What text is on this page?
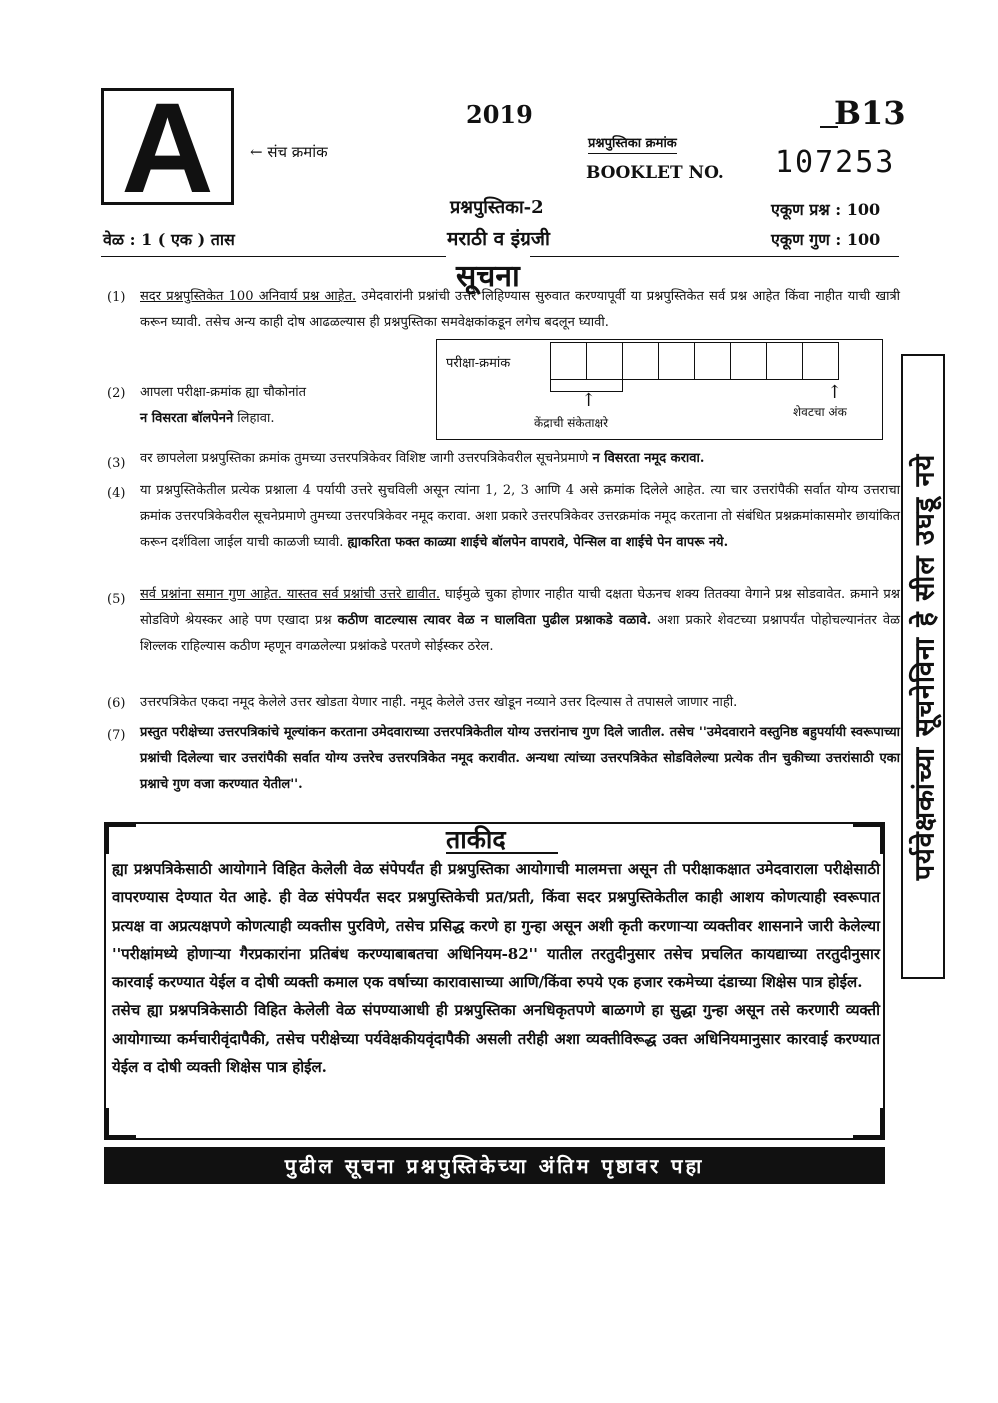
A ← संच क्रमांक
2019
प्रश्नपुस्तिका क्रमांक
BOOKLET NO.
B13
107253
प्रश्नपुस्तिका-2
मराठी व इंग्रजी
एकूण प्रश्न : 100
एकूण गुण : 100
वेळ : 1 ( एक ) तास
सूचना
(1) सदर प्रश्नपुस्तिकेत 100 अनिवार्य प्रश्न आहेत. उमेदवारांनी प्रश्नांची उत्तरे लिहिण्यास सुरुवात करण्यापूर्वी या प्रश्नपुस्तिकेत सर्व प्रश्न आहेत किंवा नाहीत याची खात्री करून घ्यावी. तसेच अन्य काही दोष आढळल्यास ही प्रश्नपुस्तिका समवेक्षकांकडून लगेच बदलून घ्यावी.
(2) आपला परीक्षा-क्रमांक ह्या चौकोनांत
न विसरता बॉलपेनने लिहावा.
परीक्षा-क्रमांक
↑
केंद्राची संकेताक्षरे
↑
शेवटचा अंक
(3) वर छापलेला प्रश्नपुस्तिका क्रमांक तुमच्या उत्तरपत्रिकेवर विशिष्ट जागी उत्तरपत्रिकेवरील सूचनेप्रमाणे न विसरता नमूद करावा.
(4) या प्रश्नपुस्तिकेतील प्रत्येक प्रश्नाला 4 पर्यायी उत्तरे सुचविली असून त्यांना 1, 2, 3 आणि 4 असे क्रमांक दिलेले आहेत. त्या चार उत्तरांपैकी सर्वात योग्य उत्तराचा क्रमांक उत्तरपत्रिकेवरील सूचनेप्रमाणे तुमच्या उत्तरपत्रिकेवर नमूद करावा. अशा प्रकारे उत्तरपत्रिकेवर उत्तरक्रमांक नमूद करताना तो संबंधित प्रश्नक्रमांकासमोर छायांकित करून दर्शविला जाईल याची काळजी घ्यावी. ह्याकरिता फक्त काळ्या शाईचे बॉलपेन वापरावे, पेन्सिल वा शाईचे पेन वापरू नये.
(5) सर्व प्रश्नांना समान गुण आहेत. यास्तव सर्व प्रश्नांची उत्तरे द्यावीत. घाईमुळे चुका होणार नाहीत याची दक्षता घेऊनच शक्य तितक्या वेगाने प्रश्न सोडवावेत. क्रमाने प्रश्न सोडविणे श्रेयस्कर आहे पण एखादा प्रश्न कठीण वाटल्यास त्यावर वेळ न घालविता पुढील प्रश्नाकडे वळावे. अशा प्रकारे शेवटच्या प्रश्नापर्यंत पोहोचल्यानंतर वेळ शिल्लक राहिल्यास कठीण म्हणून वगळलेल्या प्रश्नांकडे परतणे सोईस्कर ठरेल.
(6) उत्तरपत्रिकेत एकदा नमूद केलेले उत्तर खोडता येणार नाही. नमूद केलेले उत्तर खोडून नव्याने उत्तर दिल्यास ते तपासले जाणार नाही.
(7) प्रस्तुत परीक्षेच्या उत्तरपत्रिकांचे मूल्यांकन करताना उमेदवाराच्या उत्तरपत्रिकेतील योग्य उत्तरांनाच गुण दिले जातील. तसेच ''उमेदवाराने वस्तुनिष्ठ बहुपर्यायी स्वरूपाच्या प्रश्नांची दिलेल्या चार उत्तरांपैकी सर्वात योग्य उत्तरेच उत्तरपत्रिकेत नमूद करावीत. अन्यथा त्यांच्या उत्तरपत्रिकेत सोडविलेल्या प्रत्येक तीन चुकीच्या उत्तरांसाठी एका प्रश्नाचे गुण वजा करण्यात येतील''.	पर्यवेक्षकांच्या सूचनेविना हे सील उघडू नये
ताकीद
ह्या प्रश्नपत्रिकेसाठी आयोगाने विहित केलेली वेळ संपेपर्यंत ही प्रश्नपुस्तिका आयोगाची मालमत्ता असून ती परीक्षाकक्षात उमेदवाराला परीक्षेसाठी वापरण्यास देण्यात येत आहे. ही वेळ संपेपर्यंत सदर प्रश्नपुस्तिकेची प्रत/प्रती, किंवा सदर प्रश्नपुस्तिकेतील काही आशय कोणत्याही स्वरूपात प्रत्यक्ष वा अप्रत्यक्षपणे कोणत्याही व्यक्तीस पुरविणे, तसेच प्रसिद्ध करणे हा गुन्हा असून अशी कृती करणाऱ्या व्यक्तीवर शासनाने जारी केलेल्या ''परीक्षांमध्ये होणाऱ्या गैरप्रकारांना प्रतिबंध करण्याबाबतचा अधिनियम-82'' यातील तरतुदीनुसार तसेच प्रचलित कायद्याच्या तरतुदीनुसार कारवाई करण्यात येईल व दोषी व्यक्ती कमाल एक वर्षाच्या कारावासाच्या आणि/किंवा रुपये एक हजार रकमेच्या दंडाच्या शिक्षेस पात्र होईल.
तसेच ह्या प्रश्नपत्रिकेसाठी विहित केलेली वेळ संपण्याआधी ही प्रश्नपुस्तिका अनधिकृतपणे बाळगणे हा सुद्धा गुन्हा असून तसे करणारी व्यक्ती आयोगाच्या कर्मचारीवृंदापैकी, तसेच परीक्षेच्या पर्यवेक्षकीयवृंदापैकी असली तरीही अशा व्यक्तीविरूद्ध उक्त अधिनियमानुसार कारवाई करण्यात येईल व दोषी व्यक्ती शिक्षेस पात्र होईल.
पुढील सूचना प्रश्नपुस्तिकेच्या अंतिम पृष्ठावर पहा
